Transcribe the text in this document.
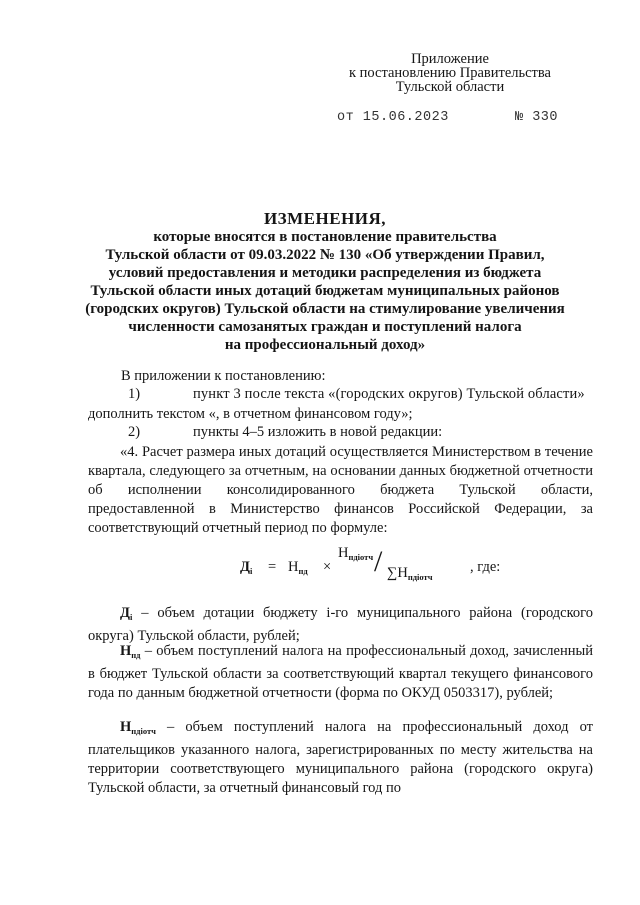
Приложение
к постановлению Правительства
Тульской области
от 15.06.2023	№ 330
ИЗМЕНЕНИЯ,
которые вносятся в постановление правительства
Тульской области от 09.03.2022 № 130 «Об утверждении Правил,
условий предоставления и методики распределения из бюджета
Тульской области иных дотаций бюджетам муниципальных районов
(городских округов) Тульской области на стимулирование увеличения
численности самозанятых граждан и поступлений налога
на профессиональный доход»
В приложении к постановлению:
1)	пункт 3 после текста «(городских округов) Тульской области»
дополнить текстом «, в отчетном финансовом году»;
2)	пункты 4–5 изложить в новой редакции:
«4. Расчет размера иных дотаций осуществляется Министерством в течение квартала, следующего за отчетным, на основании данных бюджетной отчетности об исполнении консолидированного бюджета Тульской области, предоставленной в Министерство финансов Российской Федерации, за соответствующий отчетный период по формуле:
$Д_i = Н_{пд}$ ×
$Н_{пдiотч} / \sum Н_{пдiотч}$
, где:
$Д_i$ – объем дотации бюджету i-го муниципального района (городского округа) Тульской области, рублей;
$Н_{пд}$ – объем поступлений налога на профессиональный доход, зачисленный в бюджет Тульской области за соответствующий квартал текущего финансового года по данным бюджетной отчетности (форма по ОКУД 0503317), рублей;
$Н_{пдiотч}$ – объем поступлений налога на профессиональный доход от плательщиков указанного налога, зарегистрированных по месту жительства на территории соответствующего муниципального района (городского округа) Тульской области, за отчетный финансовый год по
